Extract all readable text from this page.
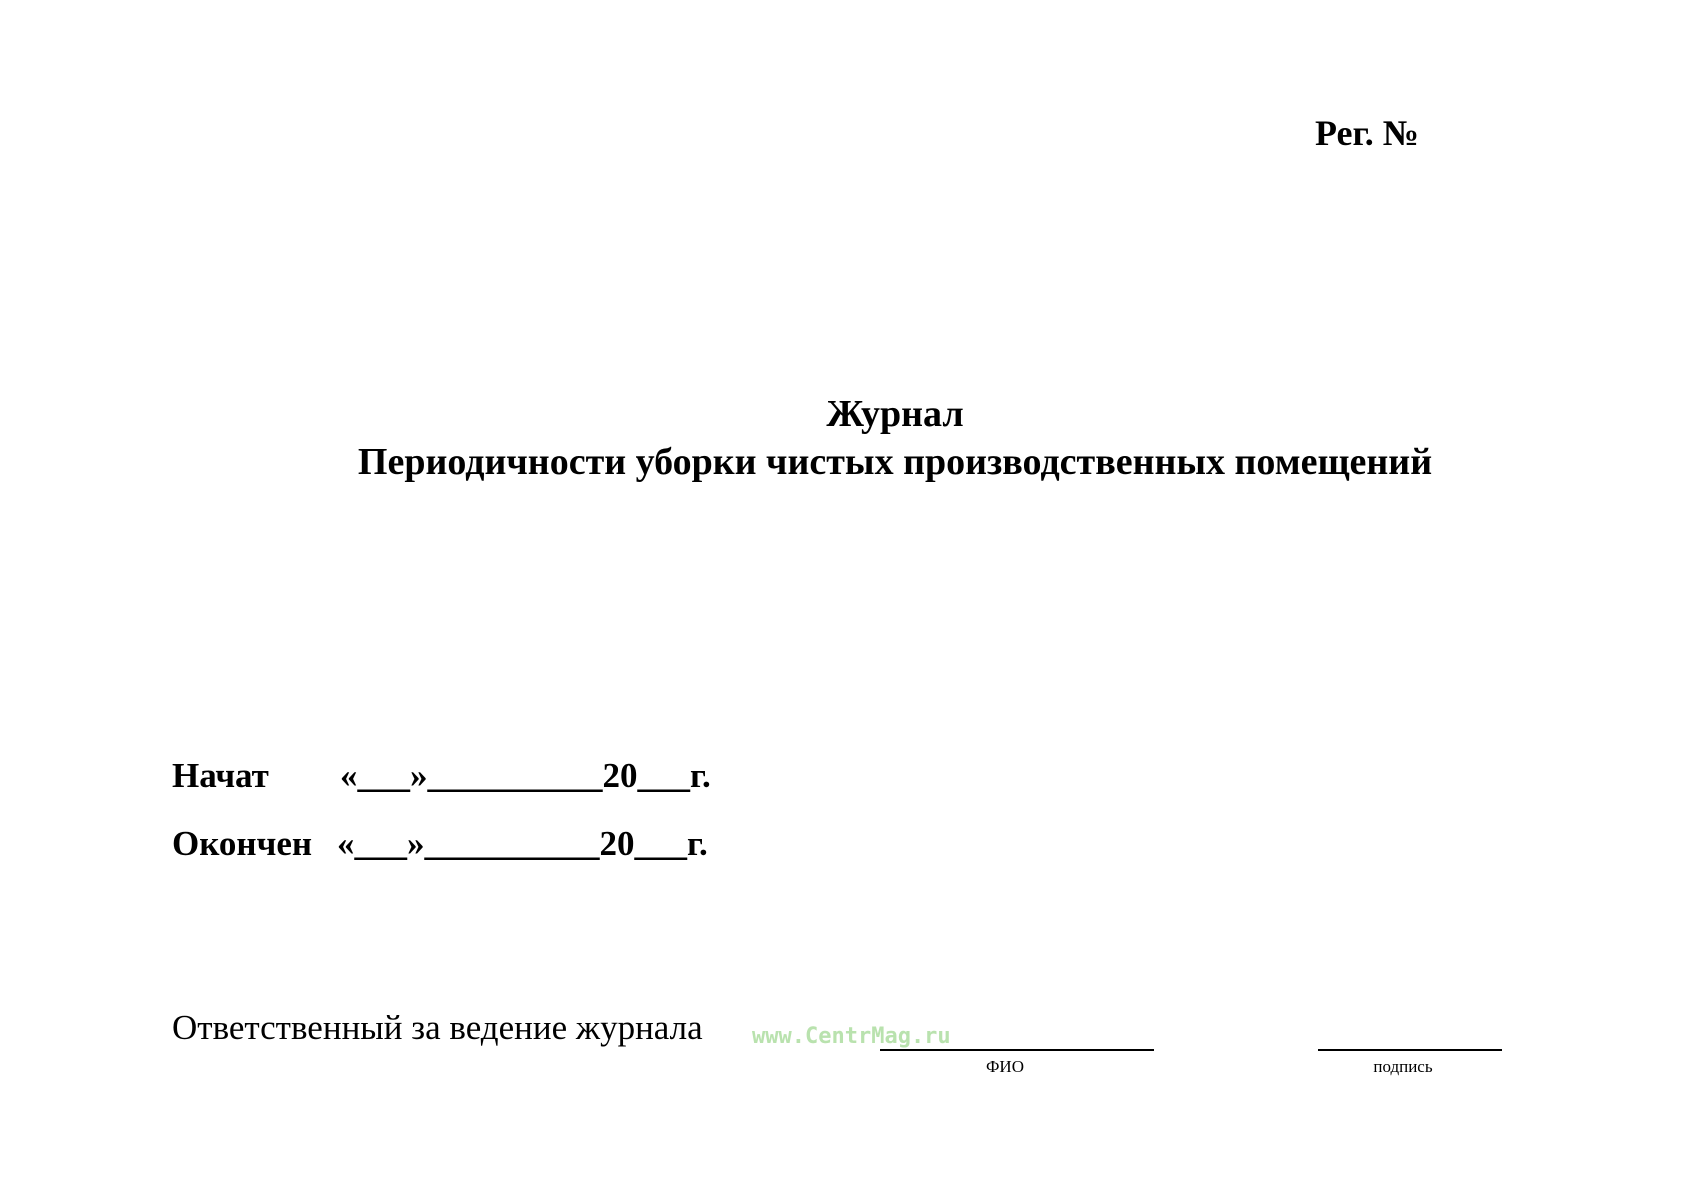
Рег. №
Журнал
Периодичности уборки чистых производственных помещений
Начат «___»__________20___г.
Окончен «___»__________20___г.
Ответственный за ведение журнала www.CentrMag.ru
ФИО	подпись
